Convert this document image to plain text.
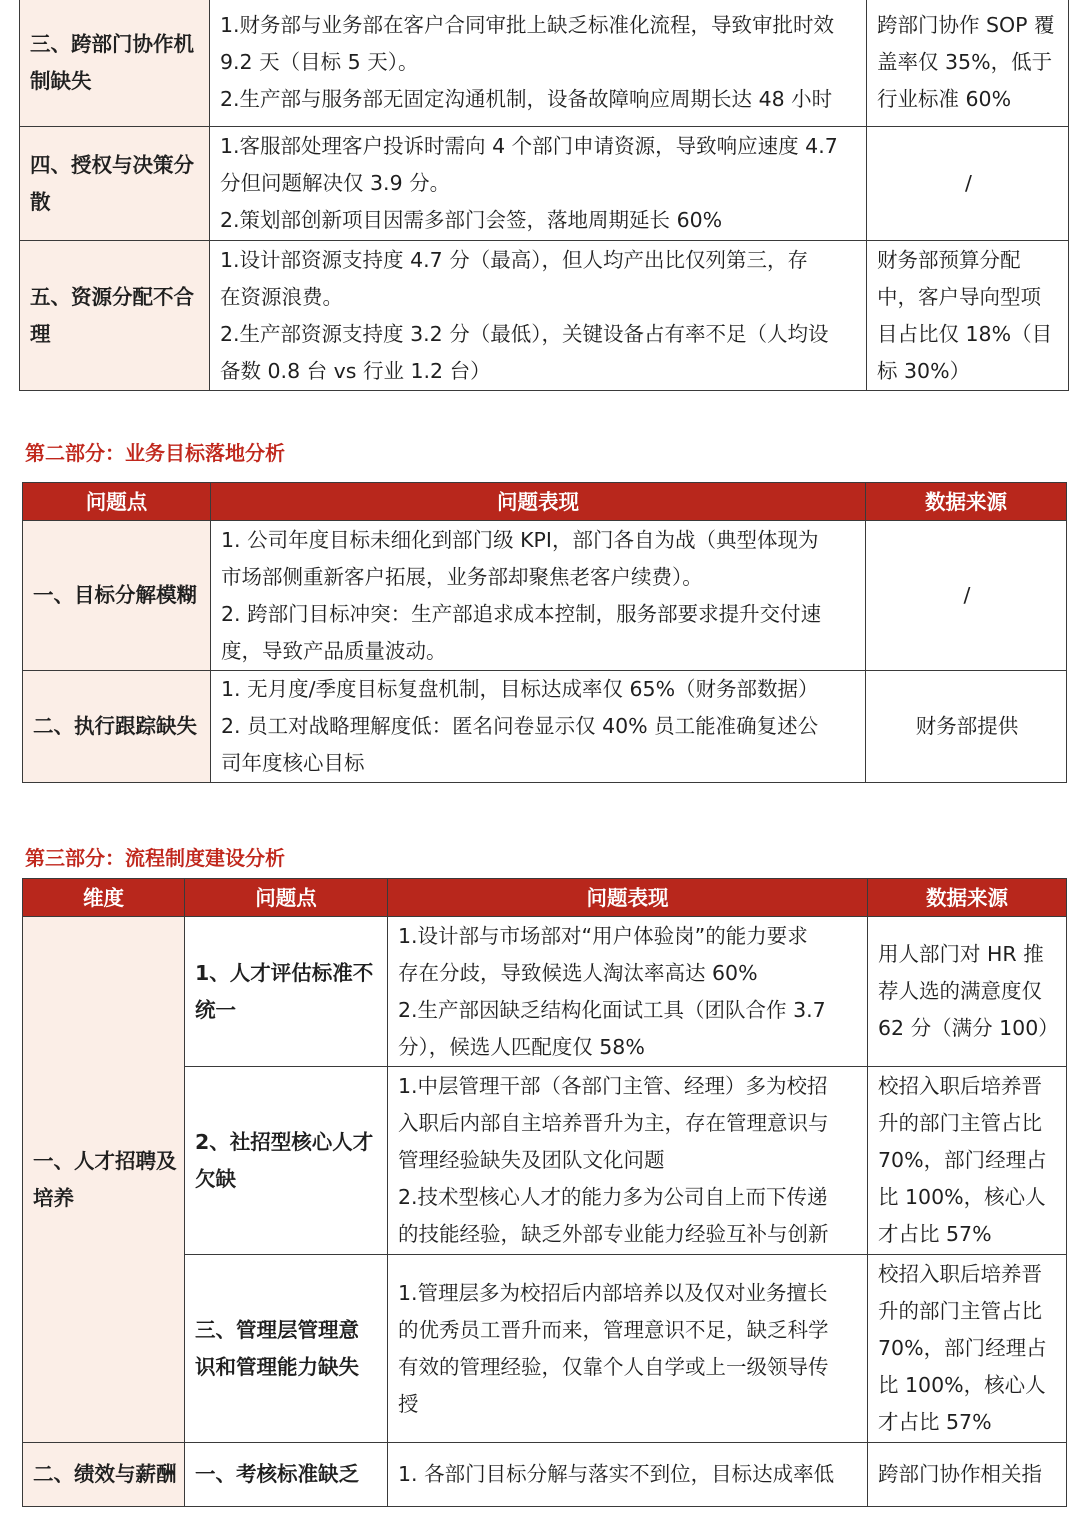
三、跨部门协作机
制缺失	1.财务部与业务部在客户合同审批上缺乏标准化流程，导致审批时效
9.2 天（目标 5 天）。
2.生产部与服务部无固定沟通机制，设备故障响应周期长达 48 小时	跨部门协作 SOP 覆
盖率仅 35%，低于
行业标准 60%

四、授权与决策分
散	1.客服部处理客户投诉时需向 4 个部门申请资源，导致响应速度 4.7
分但问题解决仅 3.9 分。
2.策划部创新项目因需多部门会签，落地周期延长 60%	/

五、资源分配不合
理	1.设计部资源支持度 4.7 分（最高），但人均产出比仅列第三，存
在资源浪费。
2.生产部资源支持度 3.2 分（最低），关键设备占有率不足（人均设
备数 0.8 台 vs 行业 1.2 台）	财务部预算分配
中，客户导向型项
目占比仅 18%（目
标 30%）
第二部分：业务目标落地分析
问题点	问题表现	数据来源

一、目标分解模糊	1. 公司年度目标未细化到部门级 KPI，部门各自为战（典型体现为
市场部侧重新客户拓展，业务部却聚焦老客户续费）。
2. 跨部门目标冲突：生产部追求成本控制，服务部要求提升交付速
度，导致产品质量波动。	/

二、执行跟踪缺失	1. 无月度/季度目标复盘机制，目标达成率仅 65%（财务部数据）
2. 员工对战略理解度低：匿名问卷显示仅 40% 员工能准确复述公
司年度核心目标	财务部提供
第三部分：流程制度建设分析
维度	问题点	问题表现	数据来源

一、人才招聘及
培养	1、人才评估标准不
统一	1.设计部与市场部对“用户体验岗”的能力要求
存在分歧，导致候选人淘汰率高达 60%
2.生产部因缺乏结构化面试工具（团队合作 3.7
分），候选人匹配度仅 58%	用人部门对 HR 推
荐人选的满意度仅
62 分（满分 100）

	2、社招型核心人才
欠缺	1.中层管理干部（各部门主管、经理）多为校招
入职后内部自主培养晋升为主，存在管理意识与
管理经验缺失及团队文化问题
2.技术型核心人才的能力多为公司自上而下传递
的技能经验，缺乏外部专业能力经验互补与创新	校招入职后培养晋
升的部门主管占比
70%，部门经理占
比 100%，核心人
才占比 57%

	三、管理层管理意
识和管理能力缺失	1.管理层多为校招后内部培养以及仅对业务擅长
的优秀员工晋升而来，管理意识不足，缺乏科学
有效的管理经验，仅靠个人自学或上一级领导传
授	校招入职后培养晋
升的部门主管占比
70%，部门经理占
比 100%，核心人
才占比 57%

二、绩效与薪酬	一、考核标准缺乏	1. 各部门目标分解与落实不到位，目标达成率低	跨部门协作相关指
